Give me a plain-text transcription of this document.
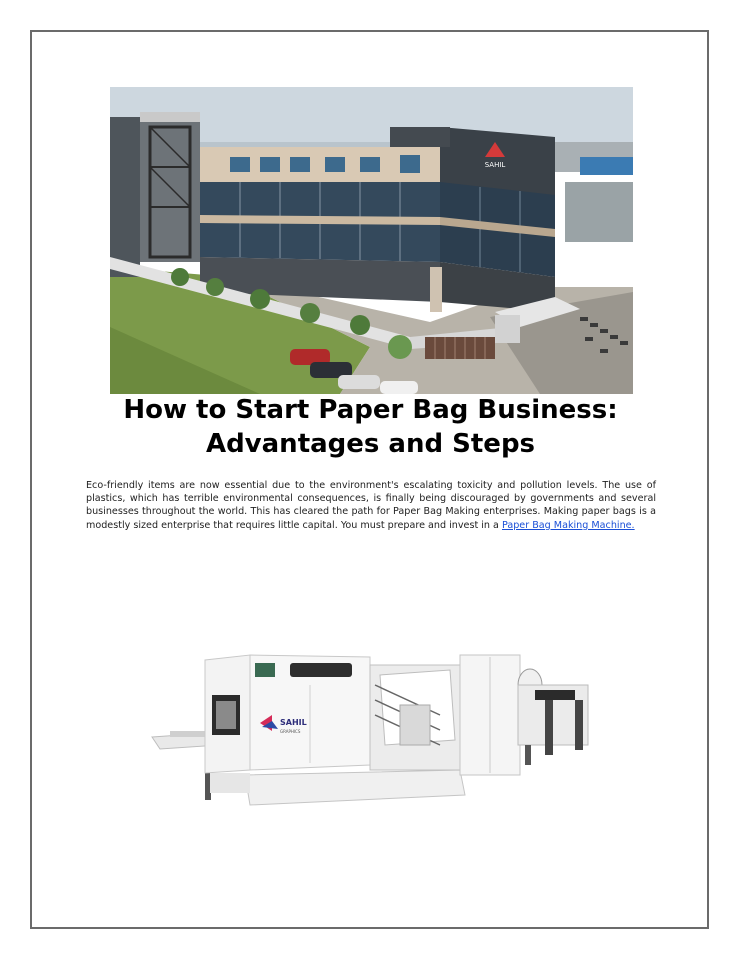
SAHIL
How to Start Paper Bag Business:
Advantages and Steps

Eco-friendly items are now essential due to the environment's escalating toxicity and pollution levels. The use of plastics, which has terrible environmental consequences, is finally being discouraged by governments and several businesses throughout the world. This has cleared the path for Paper Bag Making enterprises. Making paper bags is a modestly sized enterprise that requires little capital. You must prepare and invest in a Paper Bag Making Machine.

SAHIL
GRAPHICS
